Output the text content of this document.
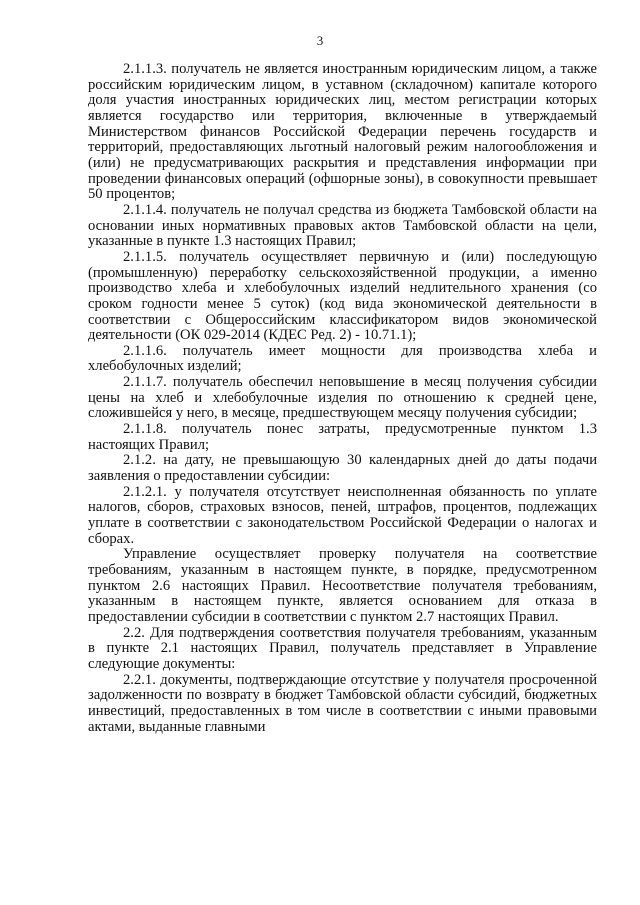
3

2.1.1.3. получатель не является иностранным юридическим лицом, а также российским юридическим лицом, в уставном (складочном) капитале которого доля участия иностранных юридических лиц, местом регистрации которых является государство или территория, включенные в утверждаемый Министерством финансов Российской Федерации перечень государств и территорий, предоставляющих льготный налоговый режим налогообложения и (или) не предусматривающих раскрытия и представления информации при проведении финансовых операций (офшорные зоны), в совокупности превышает 50 процентов;

2.1.1.4. получатель не получал средства из бюджета Тамбовской области на основании иных нормативных правовых актов Тамбовской области на цели, указанные в пункте 1.3 настоящих Правил;

2.1.1.5. получатель осуществляет первичную и (или) последующую (промышленную) переработку сельскохозяйственной продукции, а именно производство хлеба и хлебобулочных изделий недлительного хранения (со сроком годности менее 5 суток) (код вида экономической деятельности в соответствии с Общероссийским классификатором видов экономической деятельности (ОК 029-2014 (КДЕС Ред. 2) - 10.71.1);

2.1.1.6. получатель имеет мощности для производства хлеба и хлебобулочных изделий;

2.1.1.7. получатель обеспечил неповышение в месяц получения субсидии цены на хлеб и хлебобулочные изделия по отношению к средней цене, сложившейся у него, в месяце, предшествующем месяцу получения субсидии;

2.1.1.8. получатель понес затраты, предусмотренные пунктом 1.3 настоящих Правил;

2.1.2. на дату, не превышающую 30 календарных дней до даты подачи заявления о предоставлении субсидии:

2.1.2.1. у получателя отсутствует неисполненная обязанность по уплате налогов, сборов, страховых взносов, пеней, штрафов, процентов, подлежащих уплате в соответствии с законодательством Российской Федерации о налогах и сборах.

Управление осуществляет проверку получателя на соответствие требованиям, указанным в настоящем пункте, в порядке, предусмотренном пунктом 2.6 настоящих Правил. Несоответствие получателя требованиям, указанным в настоящем пункте, является основанием для отказа в предоставлении субсидии в соответствии с пунктом 2.7 настоящих Правил.

2.2. Для подтверждения соответствия получателя требованиям, указанным в пункте 2.1 настоящих Правил, получатель представляет в Управление следующие документы:

2.2.1. документы, подтверждающие отсутствие у получателя просроченной задолженности по возврату в бюджет Тамбовской области субсидий, бюджетных инвестиций, предоставленных в том числе в соответствии с иными правовыми актами, выданные главными
